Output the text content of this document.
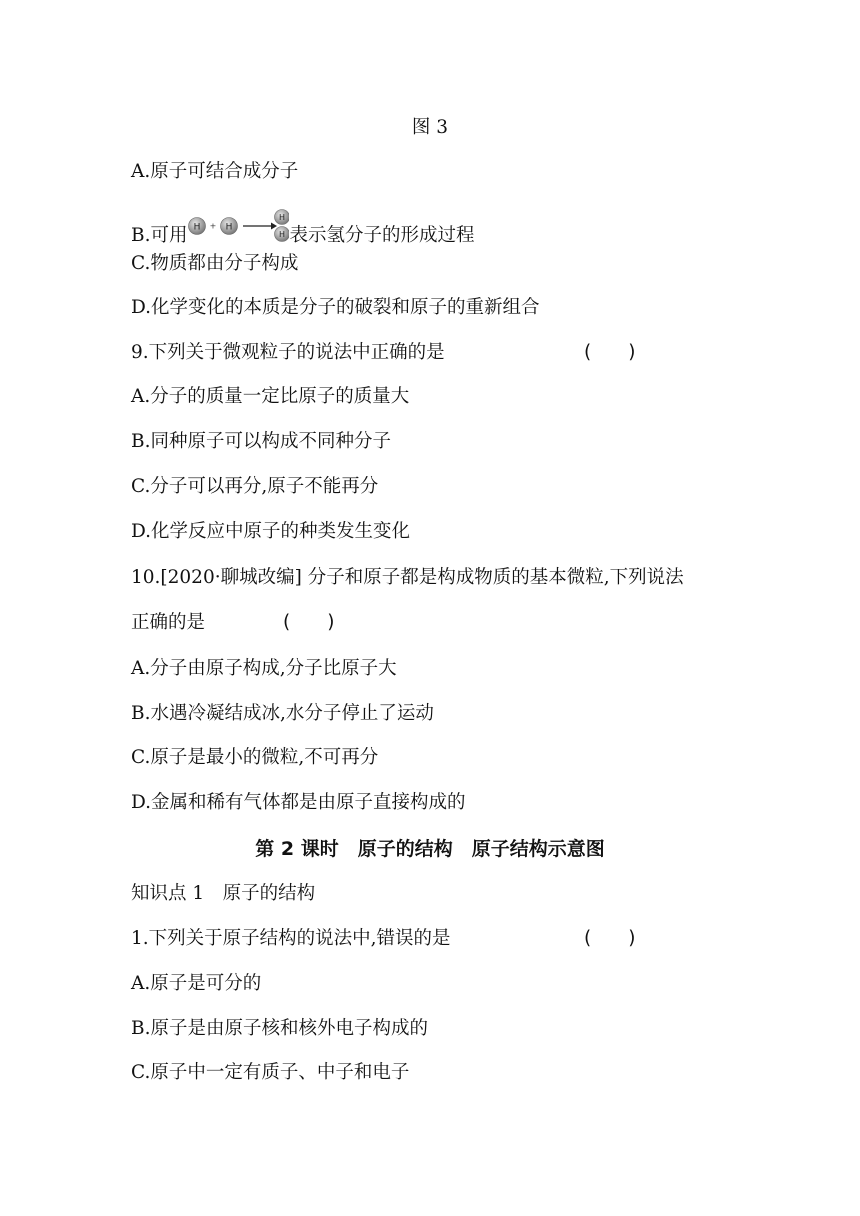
图 3
A.原子可结合成分子
B.可用 H + H
H
H 表示氢分子的形成过程
C.物质都由分子构成
D.化学变化的本质是分子的破裂和原子的重新组合
9.下列关于微观粒子的说法中正确的是	(　　)
A.分子的质量一定比原子的质量大
B.同种原子可以构成不同种分子
C.分子可以再分,原子不能再分
D.化学反应中原子的种类发生变化
10.[2020·聊城改编] 分子和原子都是构成物质的基本微粒,下列说法
正确的是	(　　)
A.分子由原子构成,分子比原子大
B.水遇冷凝结成冰,水分子停止了运动
C.原子是最小的微粒,不可再分
D.金属和稀有气体都是由原子直接构成的
第 2 课时　原子的结构　原子结构示意图
知识点 1　原子的结构
1.下列关于原子结构的说法中,错误的是	(　　)
A.原子是可分的
B.原子是由原子核和核外电子构成的
C.原子中一定有质子、中子和电子
